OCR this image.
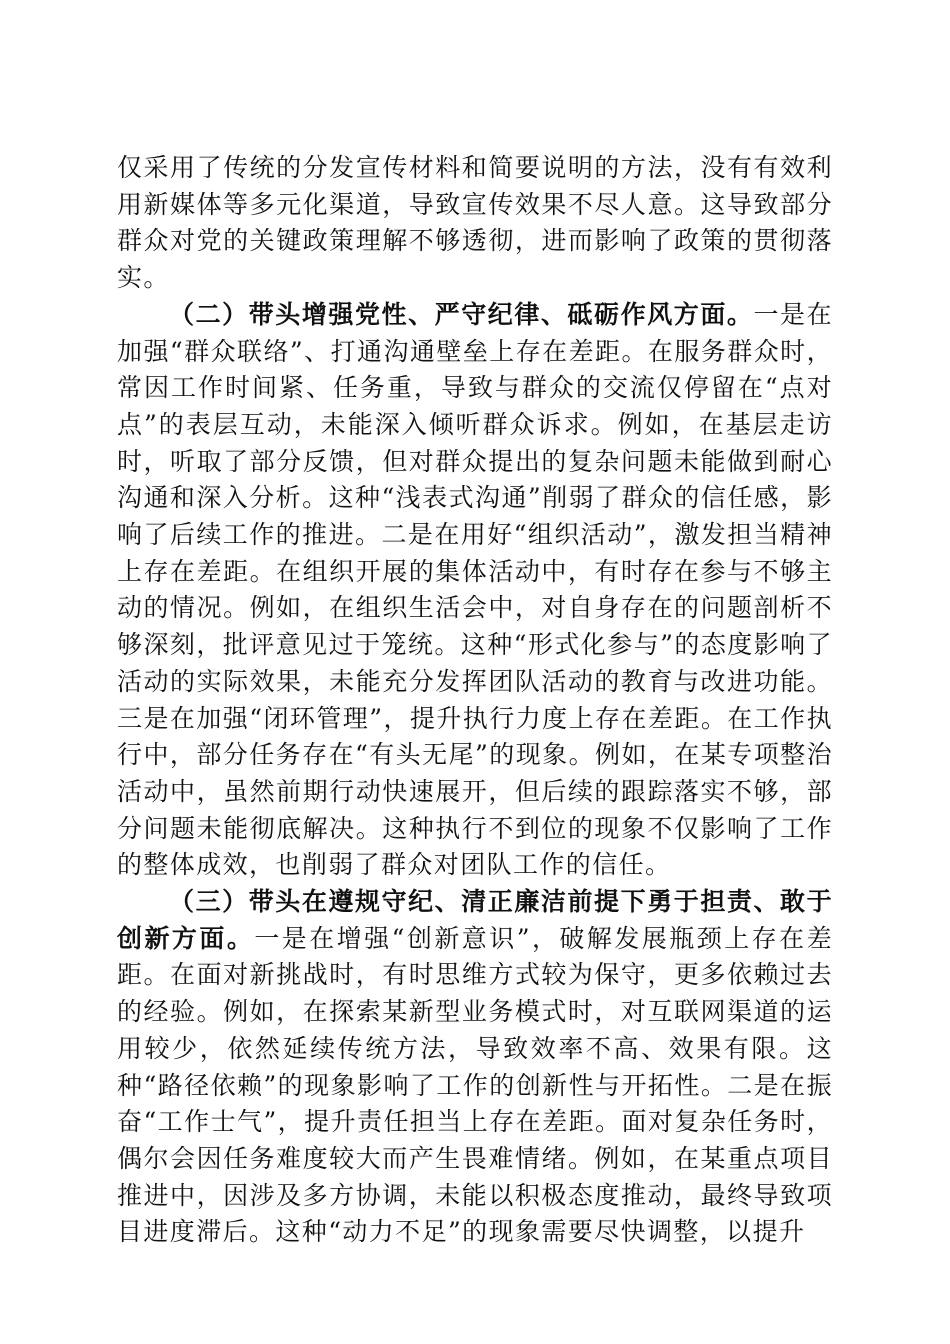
仅采用了传统的分发宣传材料和简要说明的方法，没有有效利用新媒体等多元化渠道，导致宣传效果不尽人意。这导致部分群众对党的关键政策理解不够透彻，进而影响了政策的贯彻落实。

（二）带头增强党性、严守纪律、砥砺作风方面。一是在加强“群众联络”、打通沟通壁垒上存在差距。在服务群众时，常因工作时间紧、任务重，导致与群众的交流仅停留在“点对点”的表层互动，未能深入倾听群众诉求。例如，在基层走访时，听取了部分反馈，但对群众提出的复杂问题未能做到耐心沟通和深入分析。这种“浅表式沟通”削弱了群众的信任感，影响了后续工作的推进。二是在用好“组织活动”，激发担当精神上存在差距。在组织开展的集体活动中，有时存在参与不够主动的情况。例如，在组织生活会中，对自身存在的问题剖析不够深刻，批评意见过于笼统。这种“形式化参与”的态度影响了活动的实际效果，未能充分发挥团队活动的教育与改进功能。三是在加强“闭环管理”，提升执行力度上存在差距。在工作执行中，部分任务存在“有头无尾”的现象。例如，在某专项整治活动中，虽然前期行动快速展开，但后续的跟踪落实不够，部分问题未能彻底解决。这种执行不到位的现象不仅影响了工作的整体成效，也削弱了群众对团队工作的信任。

（三）带头在遵规守纪、清正廉洁前提下勇于担责、敢于创新方面。一是在增强“创新意识”，破解发展瓶颈上存在差距。在面对新挑战时，有时思维方式较为保守，更多依赖过去的经验。例如，在探索某新型业务模式时，对互联网渠道的运用较少，依然延续传统方法，导致效率不高、效果有限。这种“路径依赖”的现象影响了工作的创新性与开拓性。二是在振奋“工作士气”，提升责任担当上存在差距。面对复杂任务时，偶尔会因任务难度较大而产生畏难情绪。例如，在某重点项目推进中，因涉及多方协调，未能以积极态度推动，最终导致项目进度滞后。这种“动力不足”的现象需要尽快调整，以提升
